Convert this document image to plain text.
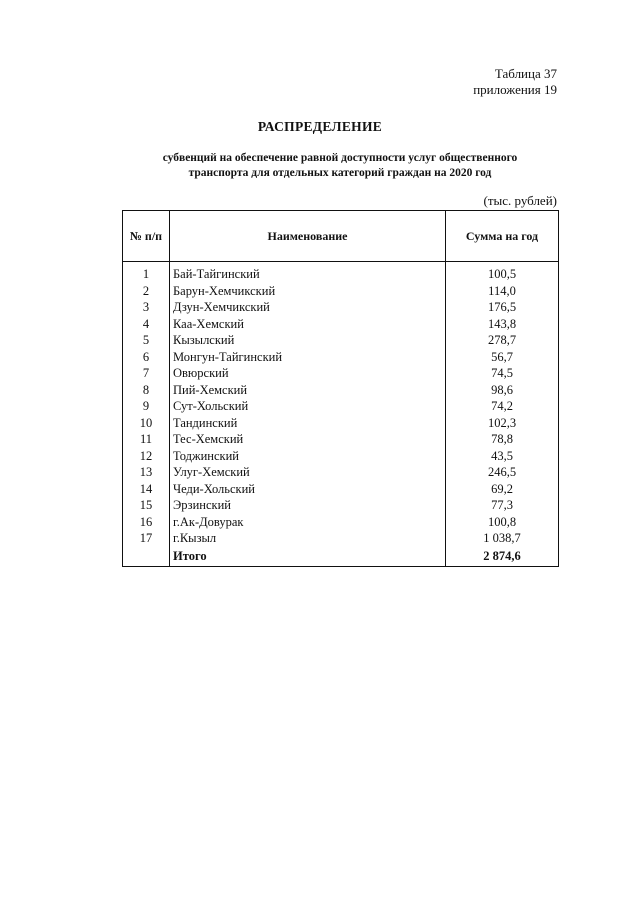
Таблица 37
приложения 19
РАСПРЕДЕЛЕНИЕ
субвенций на обеспечение равной доступности услуг общественного
транспорта для отдельных категорий граждан на 2020 год
(тыс. рублей)
№ п/п	Наименование	Сумма на год

1	Бай-Тайгинский	100,5
2	Барун-Хемчикский	114,0
3	Дзун-Хемчикский	176,5
4	Каа-Хемский	143,8
5	Кызылский	278,7
6	Монгун-Тайгинский	56,7
7	Овюрский	74,5
8	Пий-Хемский	98,6
9	Сут-Хольский	74,2
10	Тандинский	102,3
11	Тес-Хемский	78,8
12	Тоджинский	43,5
13	Улуг-Хемский	246,5
14	Чеди-Хольский	69,2
15	Эрзинский	77,3
16	г.Ак-Довурак	100,8
17	г.Кызыл	1 038,7
	Итого	2 874,6
